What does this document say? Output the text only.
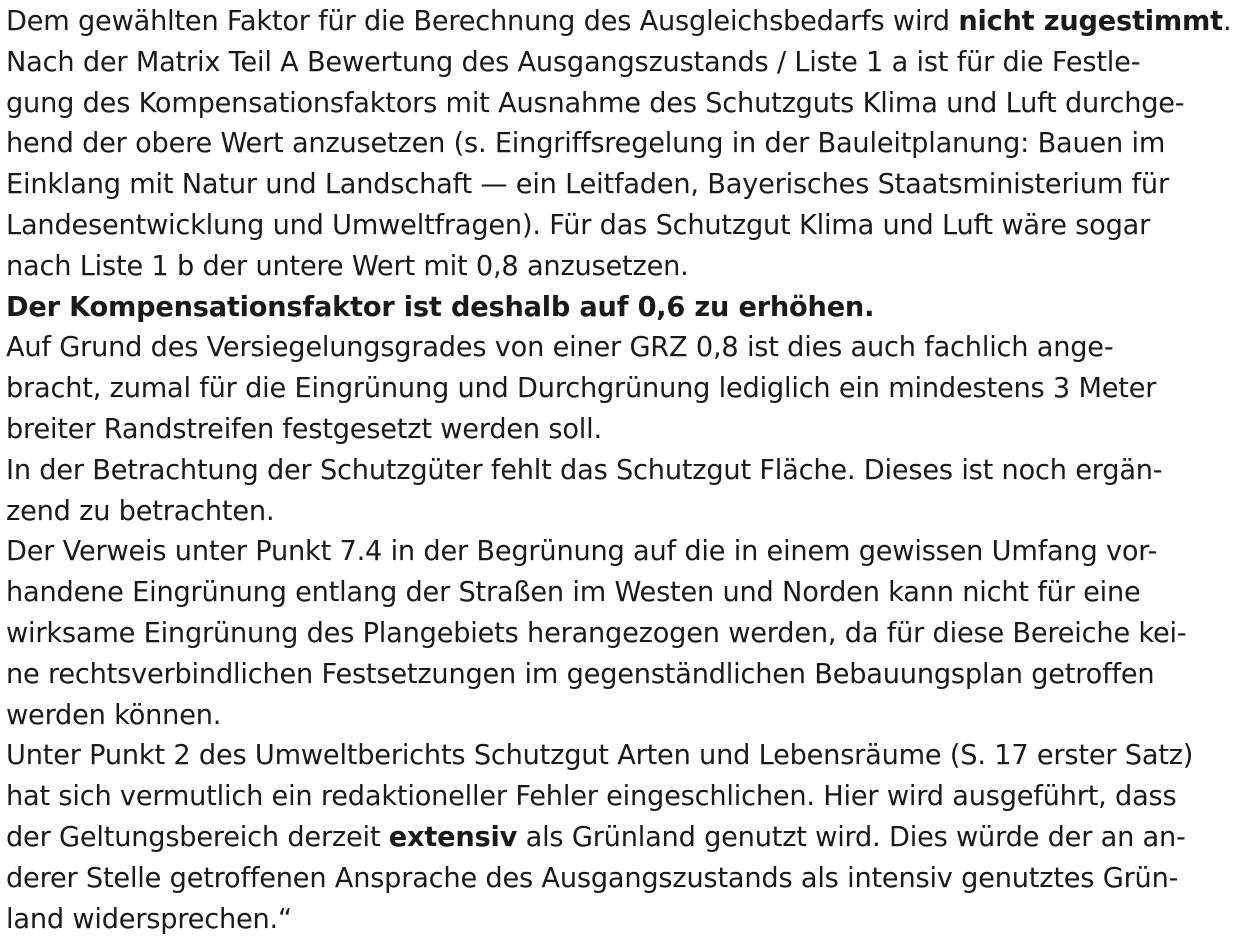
Dem gewählten Faktor für die Berechnung des Ausgleichsbedarfs wird nicht zugestimmt.
Nach der Matrix Teil A Bewertung des Ausgangszustands / Liste 1 a ist für die Festle-
gung des Kompensationsfaktors mit Ausnahme des Schutzguts Klima und Luft durchge-
hend der obere Wert anzusetzen (s. Eingriffsregelung in der Bauleitplanung: Bauen im
Einklang mit Natur und Landschaft — ein Leitfaden, Bayerisches Staatsministerium für
Landesentwicklung und Umweltfragen). Für das Schutzgut Klima und Luft wäre sogar
nach Liste 1 b der untere Wert mit 0,8 anzusetzen.
Der Kompensationsfaktor ist deshalb auf 0,6 zu erhöhen.
Auf Grund des Versiegelungsgrades von einer GRZ 0,8 ist dies auch fachlich ange-
bracht, zumal für die Eingrünung und Durchgrünung lediglich ein mindestens 3 Meter
breiter Randstreifen festgesetzt werden soll.
In der Betrachtung der Schutzgüter fehlt das Schutzgut Fläche. Dieses ist noch ergän-
zend zu betrachten.
Der Verweis unter Punkt 7.4 in der Begrünung auf die in einem gewissen Umfang vor-
handene Eingrünung entlang der Straßen im Westen und Norden kann nicht für eine
wirksame Eingrünung des Plangebiets herangezogen werden, da für diese Bereiche kei-
ne rechtsverbindlichen Festsetzungen im gegenständlichen Bebauungsplan getroffen
werden können.
Unter Punkt 2 des Umweltberichts Schutzgut Arten und Lebensräume (S. 17 erster Satz)
hat sich vermutlich ein redaktioneller Fehler eingeschlichen. Hier wird ausgeführt, dass
der Geltungsbereich derzeit extensiv als Grünland genutzt wird. Dies würde der an an-
derer Stelle getroffenen Ansprache des Ausgangszustands als intensiv genutztes Grün-
land widersprechen.“
